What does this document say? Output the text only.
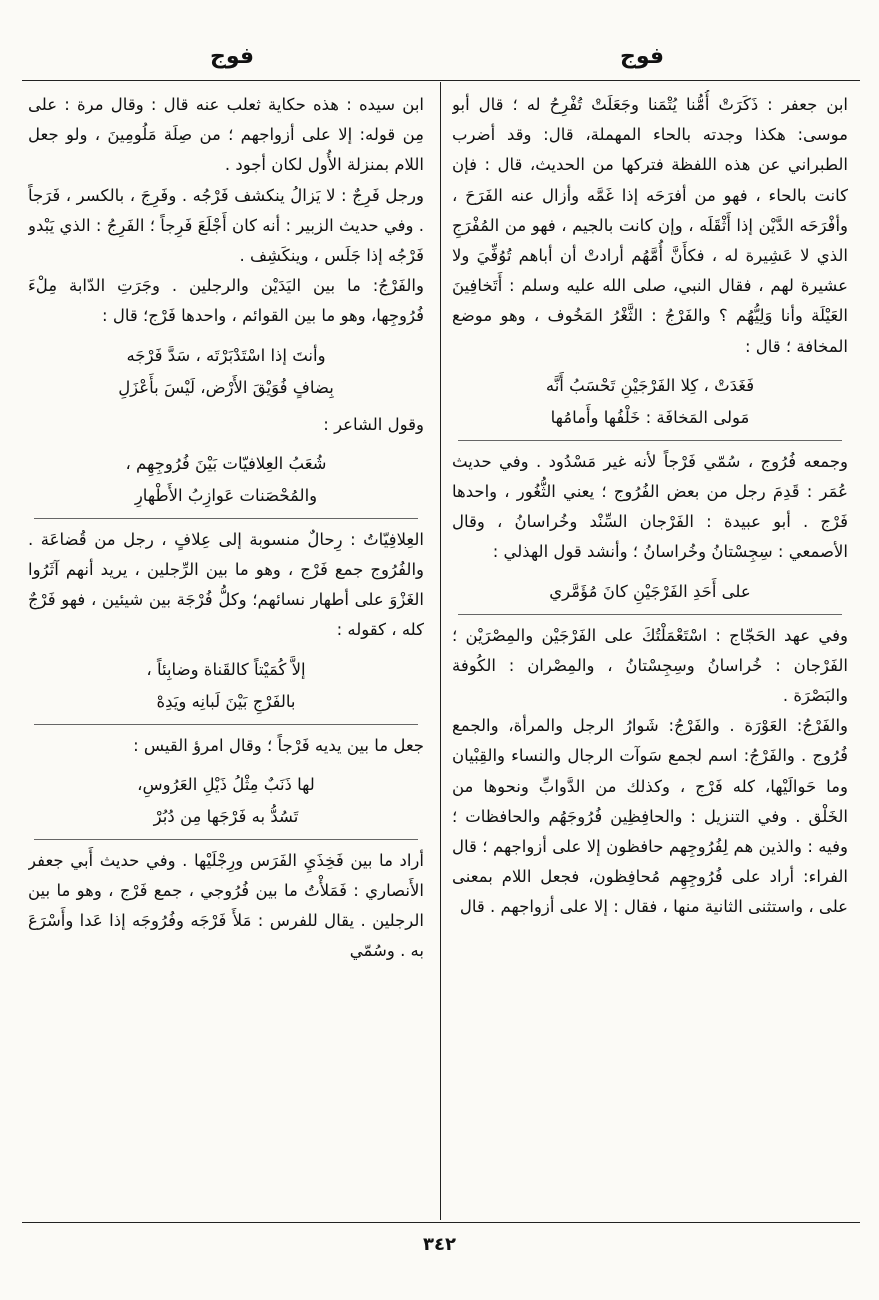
فوج
فوج

ابن جعفر : ذَكَرَتْ أُمُّنا يُتْمَنا وجَعَلَتْ تُفْرِحُ له ؛ قال أبو موسى: هكذا وجدته بالحاء المهملة، قال: وقد أضرب الطبراني عن هذه اللفظة فتركها من الحديث، قال : فإن كانت بالحاء ، فهو من أفرَحَه إذا غَمَّه وأزال عنه الفَرَحَ ، وأفْرَحَه الدَّيْن إذا أَثْقَلَه ، وإن كانت بالجيم ، فهو من المُفْرَجِ الذي لا عَشِيرة له ، فكأَنَّ أُمَّهُم أرادتْ أن أباهم تُوُفِّيَ ولا عشيرة لهم ، فقال النبي، صلى الله عليه وسلم : أَتَخافِينَ العَيْلَة وأنا وَلِيُّهُم ؟ والفَرْجُ : الثَّغْرُ المَخُوف ، وهو موضع المخافة ؛ قال :

فَغَدَتْ ، كِلا الفَرْجَيْنِ تَحْسَبُ أَنَّه
مَولى المَخافَة : خَلْفُها وأَمامُها

وجمعه فُرُوج ، سُمّي فَرْجاً لأنه غير مَسْدُود . وفي حديث عُمَر : قَدِمَ رجل من بعض الفُرُوج ؛ يعني الثُّغُور ، واحدها فَرْج . أبو عبيدة : الفَرْجان السِّنْد وخُراسانُ ، وقال الأصمعي : سِجِسْتانُ وخُراسانُ ؛ وأنشد قول الهذلي :

على أَحَدِ الفَرْجَيْنِ كانَ مُؤَمَّري

وفي عهد الحَجّاج : اسْتَعْمَلْتُكَ على الفَرْجَيْن والمِصْرَيْن ؛ الفَرْجان : خُراسانُ وسِجِسْتانُ ، والمِصْران : الكُوفة والبَصْرَة .

والفَرْجُ: العَوْرَة . والفَرْجُ: شَوارُ الرجل والمرأة، والجمع فُرُوج . والفَرْجُ: اسم لجمع سَوآت الرجال والنساء والقِبْيان وما حَوالَيْها، كله فَرْج ، وكذلك من الدَّوابِّ ونحوها من الخَلْق . وفي التنزيل : والحافِظِين فُرُوجَهُم والحافظات ؛ وفيه : والذين هم لِفُرُوجِهم حافظون إلا على أزواجهم ؛ قال الفراء: أراد على فُرُوجِهِم مُحافِظون، فجعل اللام بمعنى على ، واستثنى الثانية منها ، فقال : إلا على أزواجهم . قال

ابن سيده : هذه حكاية ثعلب عنه قال : وقال مرة : على مِن قوله: إلا على أزواجهم ؛ من صِلَة مَلُومِينَ ، ولو جعل اللام بمنزلة الأُول لكان أجود .

ورجل فَرِجٌ : لا يَزالُ ينكشف فَرْجُه . وفَرِجَ ، بالكسر ، فَرَجاً . وفي حديث الزبير : أنه كان أَجْلَعَ فَرِجاً ؛ الفَرِجُ : الذي يَبْدو فَرْجُه إذا جَلَس ، وينكَشِف .

والفَرْجُ: ما بين اليَدَيْن والرجلين . وجَرَتِ الدّابة مِلْءَ فُرُوجِها، وهو ما بين القوائم ، واحدها فَرْج؛ قال :

وأنتَ إذا اسْتَدْبَرْتَه ، سَدَّ فَرْجَه
بِضافٍ فُوَيْقَ الأَرْض، لَيْسَ بأَعْزَلِ

وقول الشاعر :

شُعَبُ العِلافيّات بَيْنَ فُرُوجِهِم ،
والمُحْصَنات عَوازِبُ الأَطْهارِ

العِلافِيّاتُ : رِحالٌ منسوبة إلى عِلافٍ ، رجل من قُضاعَة . والفُرُوج جمع فَرْج ، وهو ما بين الرِّجلين ، يريد أنهم آثَرُوا الغَزْوَ على أطهار نسائهم؛ وكلُّ فُرْجَة بين شيئين ، فهو فَرْجٌ كله ، كقوله :

إلاَّ كُمَيْتاً كالقَناة وضابِئاً ،
بالفَرْجِ بَيْنَ لَبانِه ويَدِهْ

جعل ما بين يديه فَرْجاً ؛ وقال امرؤ القيس :

لها ذَنَبٌ مِثْلُ ذَيْلِ العَرُوسِ،
تَسُدُّ به فَرْجَها مِن دُبُرْ

أراد ما بين فَخِذَيِ الفَرَس ورِجْلَيْها . وفي حديث أَبي جعفر الأَنصاري : فَمَلأْتُ ما بين فُرُوجي ، جمع فَرْج ، وهو ما بين الرجلين . يقال للفرس : مَلأَ فَرْجَه وفُرُوجَه إذا عَدا وأَسْرَعَ به . وسُمّي

٣٤٢
